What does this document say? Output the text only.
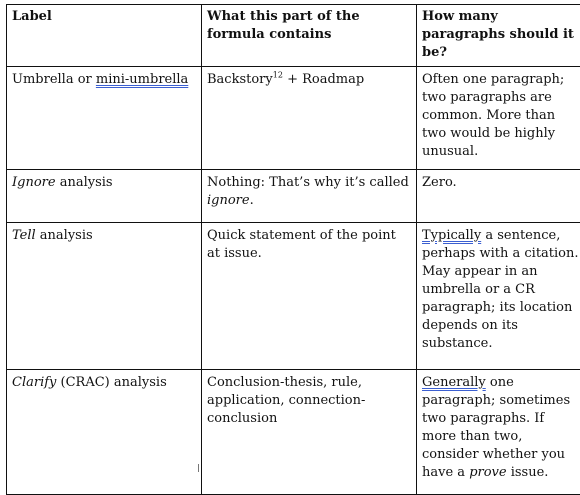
Label	What this part of the formula contains	How many paragraphs should it be?
Umbrella or mini-umbrella	Backstory$^{12}$ + Roadmap	Often one paragraph; two paragraphs are common. More than two would be highly unusual.
Ignore analysis	Nothing: That’s why it’s called ignore.	Zero.
Tell analysis	Quick statement of the point at issue.	Typically a sentence, perhaps with a citation. May appear in an umbrella or a CR paragraph; its location depends on its substance.
Clarify (CRAC) analysis	Conclusion-thesis, rule, application, connection-conclusion	Generally one paragraph; sometimes two paragraphs. If more than two, consider whether you have a prove issue.
